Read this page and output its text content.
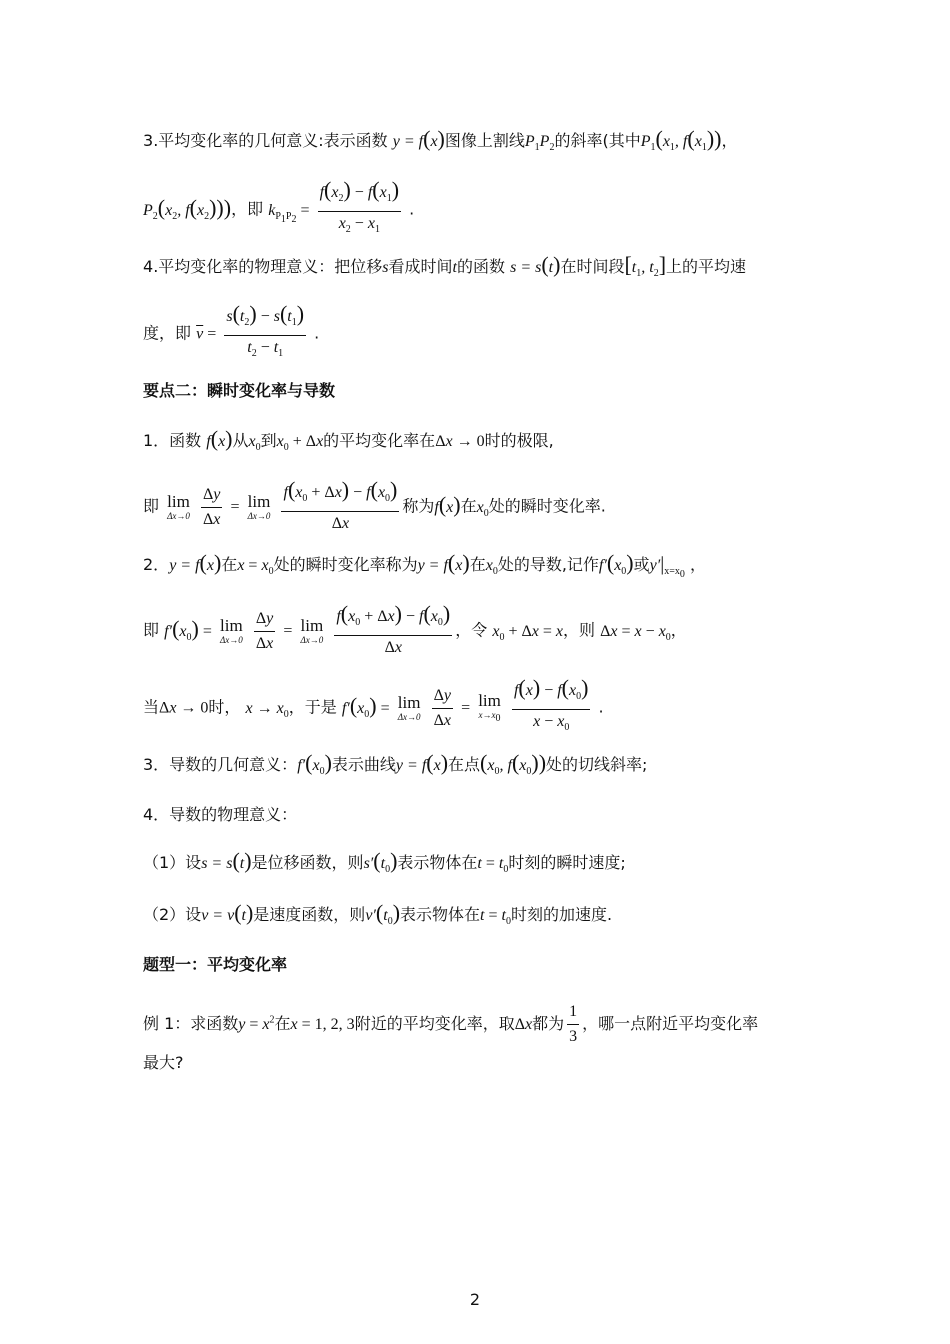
3.平均变化率的几何意义:表示函数 y = f(x)图像上割线$P_1P_2$的斜率(其中$P_1(x_1$, $f(x_1)$)，
$P_2(x_2$, $f(x_2)$))，即 $k_{P_1P_2} = \frac{f(x_2) - f(x_1)}{x_2 - x_1}$ .
4.平均变化率的物理意义：把位移s看成时间t的函数 s = s(t)在时间段[$t_1$, $t_2$]上的平均速
度，即 $\overline{v} = \frac{s(t_2) - s(t_1)}{t_2 - t_1}$ .
要点二：瞬时变化率与导数
1．函数 f(x)从$x_0$到$x_0 + \Delta x$的平均变化率在Δx → 0时的极限,
即 lim
Δx→0
$\frac{\Delta y}{\Delta x} = \lim$
Δx→0
$\frac{f(x_0 + \Delta x) - f(x_0)}{\Delta x}$ 称为f(x)在$x_0$处的瞬时变化率.
2．y = f(x)在$x = x_0$处的瞬时变化率称为y = f(x)在$x_0$处的导数,记作$f'(x_0)$或$y'|_{x=x_0}$ ，
即 $f'(x_0) = \lim$
Δx→0
$\frac{\Delta y}{\Delta x} = \lim$
Δx→0
$\frac{f(x_0 + \Delta x) - f(x_0)}{\Delta x}$ ，令 $x_0 + \Delta x = x$，则 $\Delta x = x - x_0$，
当Δx → 0时， $x \to x_0$，于是 $f'(x_0) = \lim$
Δx→0
$\frac{\Delta y}{\Delta x} = \lim$
$x\to x_0$
$\frac{f(x) - f(x_0)}{x - x_0}$ .
3．导数的几何意义：$f'(x_0)$表示曲线y = f(x)在点($x_0$, $f(x_0)$)处的切线斜率;
4．导数的物理意义：
（1）设s = s(t)是位移函数，则$s'(t_0)$表示物体在$t = t_0$时刻的瞬时速度;
（2）设v = v(t)是速度函数，则$v'(t_0)$表示物体在$t = t_0$时刻的加速度.
题型一：平均变化率
例 1：求函数$y = x^2$在x = 1, 2, 3附近的平均变化率，取Δx都为 $\frac{1}{3}$ ，哪一点附近平均变化率
最大?
2
